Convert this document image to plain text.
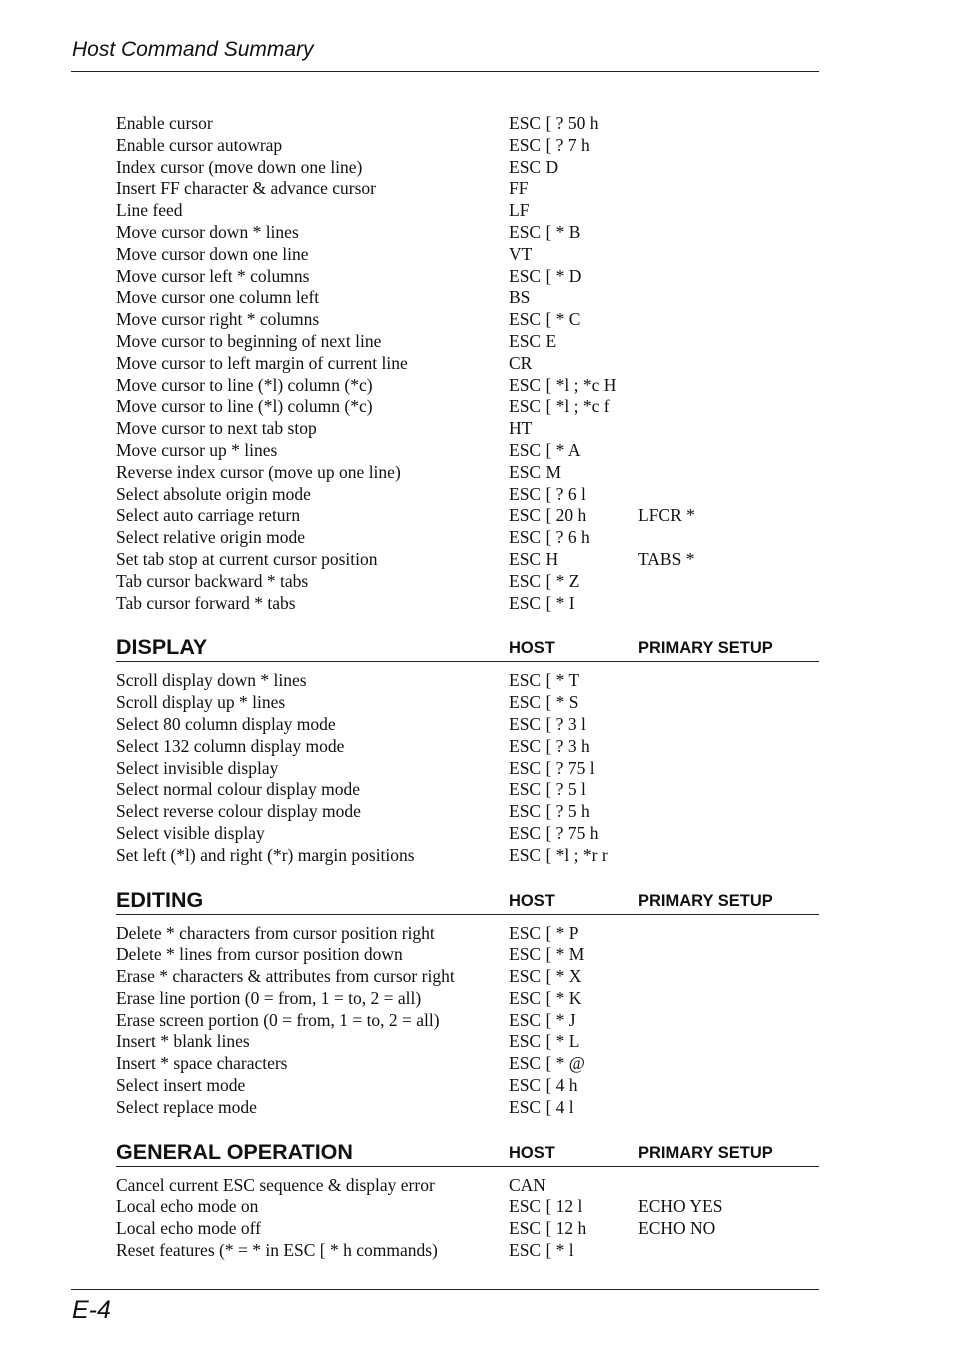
Host Command Summary
Enable cursor	ESC [ ? 50 h
Enable cursor autowrap	ESC [ ? 7 h
Index cursor (move down one line)	ESC D
Insert FF character & advance cursor	FF
Line feed	LF
Move cursor down * lines	ESC [ * B
Move cursor down one line	VT
Move cursor left * columns	ESC [ * D
Move cursor one column left	BS
Move cursor right * columns	ESC [ * C
Move cursor to beginning of next line	ESC E
Move cursor to left margin of current line	CR
Move cursor to line (*l) column (*c)	ESC [ *l ; *c H
Move cursor to line (*l) column (*c)	ESC [ *l ; *c f
Move cursor to next tab stop	HT
Move cursor up * lines	ESC [ * A
Reverse index cursor (move up one line)	ESC M
Select absolute origin mode	ESC [ ? 6 l
Select auto carriage return	ESC [ 20 h	LFCR *
Select relative origin mode	ESC [ ? 6 h
Set tab stop at current cursor position	ESC H	TABS *
Tab cursor backward * tabs	ESC [ * Z
Tab cursor forward * tabs	ESC [ * I
DISPLAY	HOST	PRIMARY SETUP
Scroll display down * lines	ESC [ * T
Scroll display up * lines	ESC [ * S
Select 80 column display mode	ESC [ ? 3 l
Select 132 column display mode	ESC [ ? 3 h
Select invisible display	ESC [ ? 75 l
Select normal colour display mode	ESC [ ? 5 l
Select reverse colour display mode	ESC [ ? 5 h
Select visible display	ESC [ ? 75 h
Set left (*l) and right (*r) margin positions	ESC [ *l ; *r r
EDITING	HOST	PRIMARY SETUP
Delete * characters from cursor position right	ESC [ * P
Delete * lines from cursor position down	ESC [ * M
Erase * characters & attributes from cursor right	ESC [ * X
Erase line portion (0 = from, 1 = to, 2 = all)	ESC [ * K
Erase screen portion (0 = from, 1 = to, 2 = all)	ESC [ * J
Insert * blank lines	ESC [ * L
Insert * space characters	ESC [ * @
Select insert mode	ESC [ 4 h
Select replace mode	ESC [ 4 l
GENERAL OPERATION	HOST	PRIMARY SETUP
Cancel current ESC sequence & display error	CAN
Local echo mode on	ESC [ 12 l	ECHO YES
Local echo mode off	ESC [ 12 h	ECHO NO
Reset features (* = * in ESC [ * h commands)	ESC [ * l
E-4
